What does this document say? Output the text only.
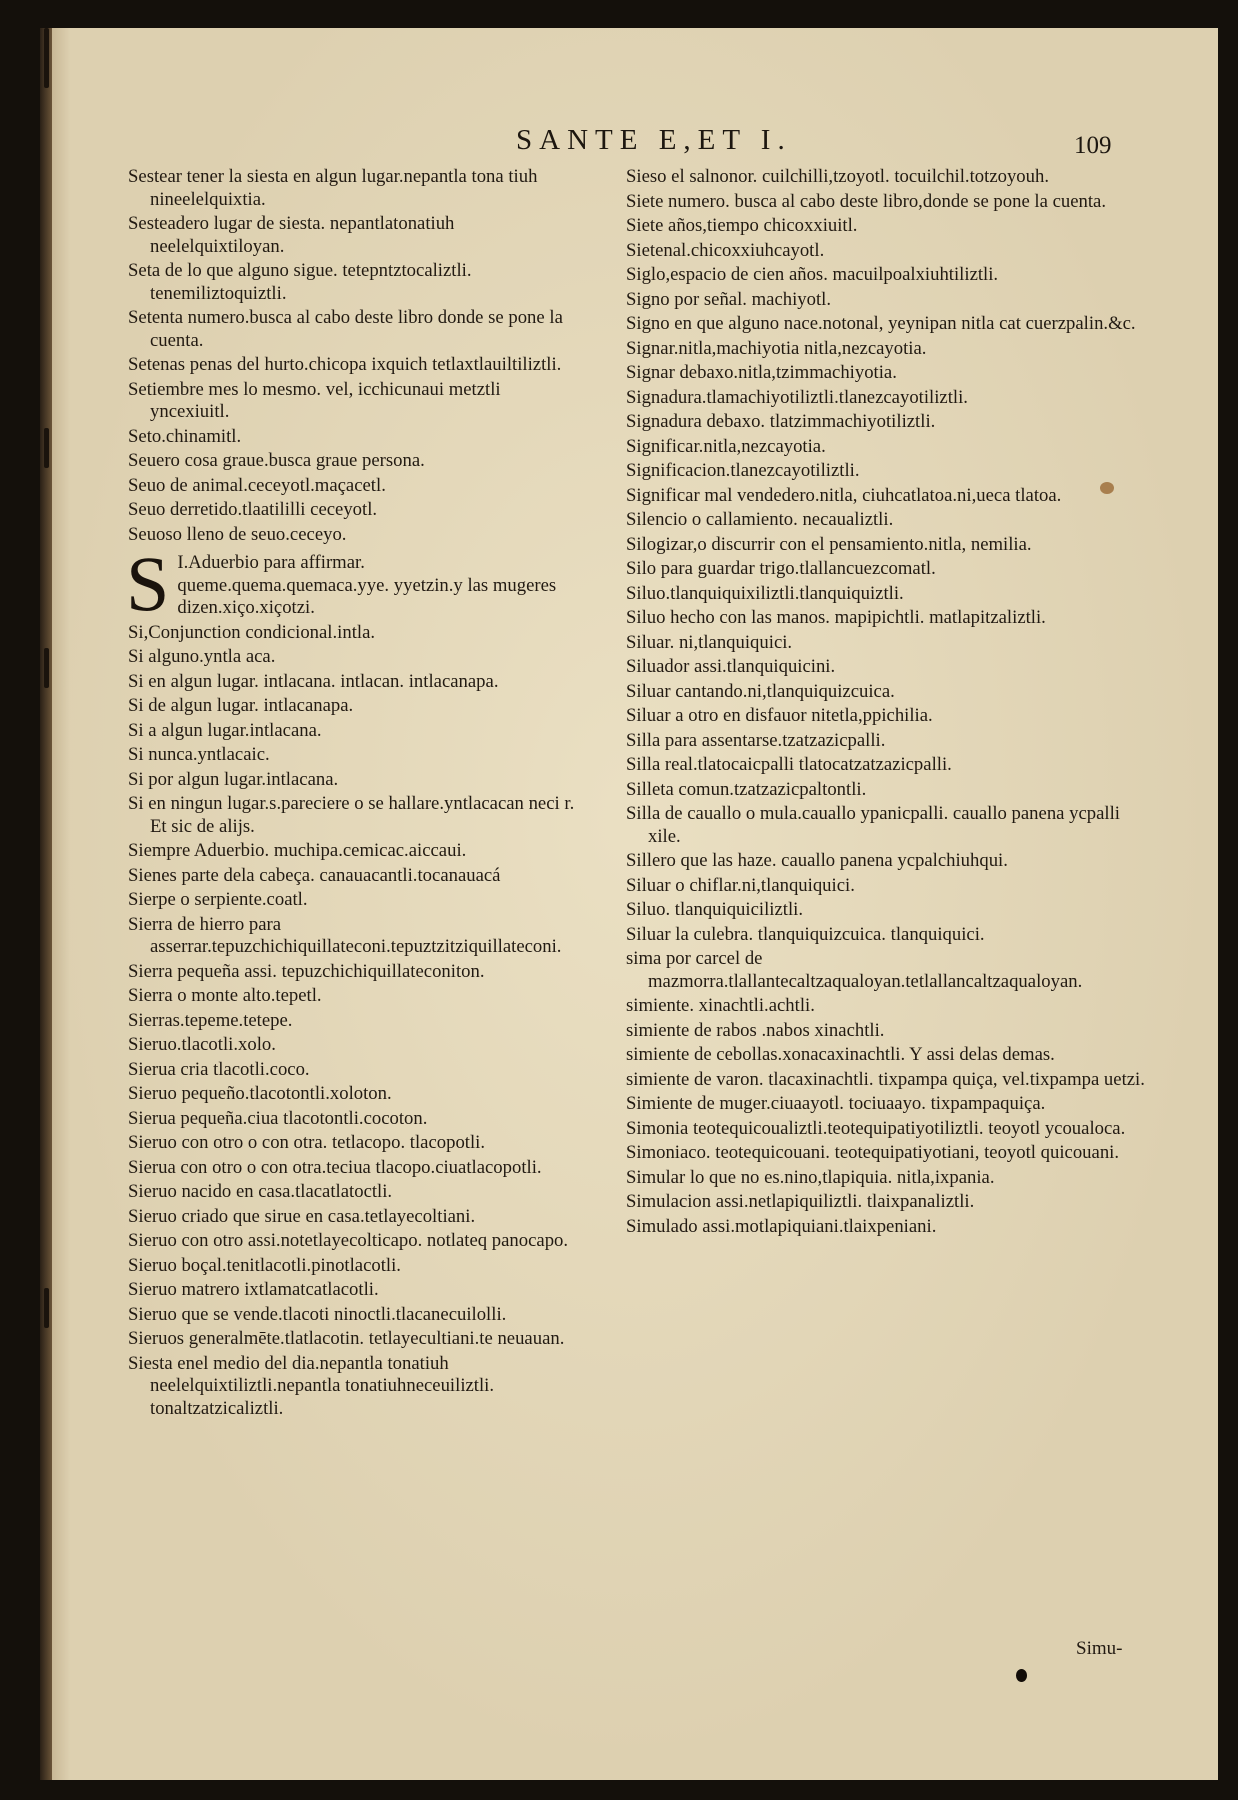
SANTE E,ET I.	109

Sestear tener la siesta en algun lugar.nepantla tona tiuh nineelelquixtia.

Sesteadero lugar de siesta. nepantlatonatiuh neelelquixtiloyan.

Seta de lo que alguno sigue. tetepntztocaliztli. tenemiliztoquiztli.

Setenta numero.busca al cabo deste libro donde se pone la cuenta.

Setenas penas del hurto.chicopa ixquich tetlaxtlauiltiliztli.

Setiembre mes lo mesmo. vel, icchicunaui metztli yncexiuitl.

Seto.chinamitl.

Seuero cosa graue.busca graue persona.

Seuo de animal.ceceyotl.maçacetl.

Seuo derretido.tlaatililli ceceyotl.

Seuoso lleno de seuo.ceceyo.

S I.Aduerbio para affirmar. queme.quema.quemaca.yye. yyetzin.y las mugeres dizen.xiço.xiçotzi.

Si,Conjunction condicional.intla.

Si alguno.yntla aca.

Si en algun lugar. intlacana. intlacan. intlacanapa.

Si de algun lugar. intlacanapa.

Si a algun lugar.intlacana.

Si nunca.yntlacaic.

Si por algun lugar.intlacana.

Si en ningun lugar.s.pareciere o se hallare.yntlacacan neci r. Et sic de alijs.

Siempre Aduerbio. muchipa.cemicac.aiccaui.

Sienes parte dela cabeça. canauacantli.tocanauacá

Sierpe o serpiente.coatl.

Sierra de hierro para asserrar.tepuzchichiquillateconi.tepuztzitziquillateconi.

Sierra pequeña assi. tepuzchichiquillateconiton.

Sierra o monte alto.tepetl.

Sierras.tepeme.tetepe.

Sieruo.tlacotli.xolo.

Sierua cria tlacotli.coco.

Sieruo pequeño.tlacotontli.xoloton.

Sierua pequeña.ciua tlacotontli.cocoton.

Sieruo con otro o con otra. tetlacopo. tlacopotli.

Sierua con otro o con otra.teciua tlacopo.ciuatlacopotli.

Sieruo nacido en casa.tlacatlatoctli.

Sieruo criado que sirue en casa.tetlayecoltiani.

Sieruo con otro assi.notetlayecolticapo. notlateq panocapo.

Sieruo boçal.tenitlacotli.pinotlacotli.

Sieruo matrero ixtlamatcatlacotli.

Sieruo que se vende.tlacoti ninoctli.tlacanecuilolli.

Sieruos generalmēte.tlatlacotin. tetlayecultiani.te neuauan.

Siesta enel medio del dia.nepantla tonatiuh neelelquixtiliztli.nepantla tonatiuhneceuiliztli. tonaltzatzicaliztli.

Sieso el salnonor. cuilchilli,tzoyotl. tocuilchil.totzoyouh.

Siete numero. busca al cabo deste libro,donde se pone la cuenta.

Siete años,tiempo chicoxxiuitl.

Sietenal.chicoxxiuhcayotl.

Siglo,espacio de cien años. macuilpoalxiuhtiliztli.

Signo por señal. machiyotl.

Signo en que alguno nace.notonal, yeynipan nitla cat cuerzpalin.&c.

Signar.nitla,machiyotia nitla,nezcayotia.

Signar debaxo.nitla,tzimmachiyotia.

Signadura.tlamachiyotiliztli.tlanezcayotiliztli.

Signadura debaxo. tlatzimmachiyotiliztli.

Significar.nitla,nezcayotia.

Significacion.tlanezcayotiliztli.

Significar mal vendedero.nitla, ciuhcatlatoa.ni,ueca tlatoa.

Silencio o callamiento. necaualiztli.

Silogizar,o discurrir con el pensamiento.nitla, nemilia.

Silo para guardar trigo.tlallancuezcomatl.

Siluo.tlanquiquixiliztli.tlanquiquiztli.

Siluo hecho con las manos. mapipichtli. matlapitzaliztli.

Siluar. ni,tlanquiquici.

Siluador assi.tlanquiquicini.

Siluar cantando.ni,tlanquiquizcuica.

Siluar a otro en disfauor nitetla,ppichilia.

Silla para assentarse.tzatzazicpalli.

Silla real.tlatocaicpalli tlatocatzatzazicpalli.

Silleta comun.tzatzazicpaltontli.

Silla de cauallo o mula.cauallo ypanicpalli. cauallo panena ycpalli xile.

Sillero que las haze. cauallo panena ycpalchiuhqui.

Siluar o chiflar.ni,tlanquiquici.

Siluo. tlanquiquiciliztli.

Siluar la culebra. tlanquiquizcuica. tlanquiquici.

sima por carcel de mazmorra.tlallantecaltzaqualoyan.tetlallancaltzaqualoyan.

simiente. xinachtli.achtli.

simiente de rabos .nabos xinachtli.

simiente de cebollas.xonacaxinachtli. Y assi delas demas.

simiente de varon. tlacaxinachtli. tixpampa quiça, vel.tixpampa uetzi.

Simiente de muger.ciuaayotl. tociuaayo. tixpampaquiça.

Simonia teotequicoualiztli.teotequipatiyotiliztli. teoyotl ycoualoca.

Simoniaco. teotequicouani. teotequipatiyotiani, teoyotl quicouani.

Simular lo que no es.nino,tlapiquia. nitla,ixpania.

Simulacion assi.netlapiquiliztli. tlaixpanaliztli.

Simulado assi.motlapiquiani.tlaixpeniani.

Simu-
